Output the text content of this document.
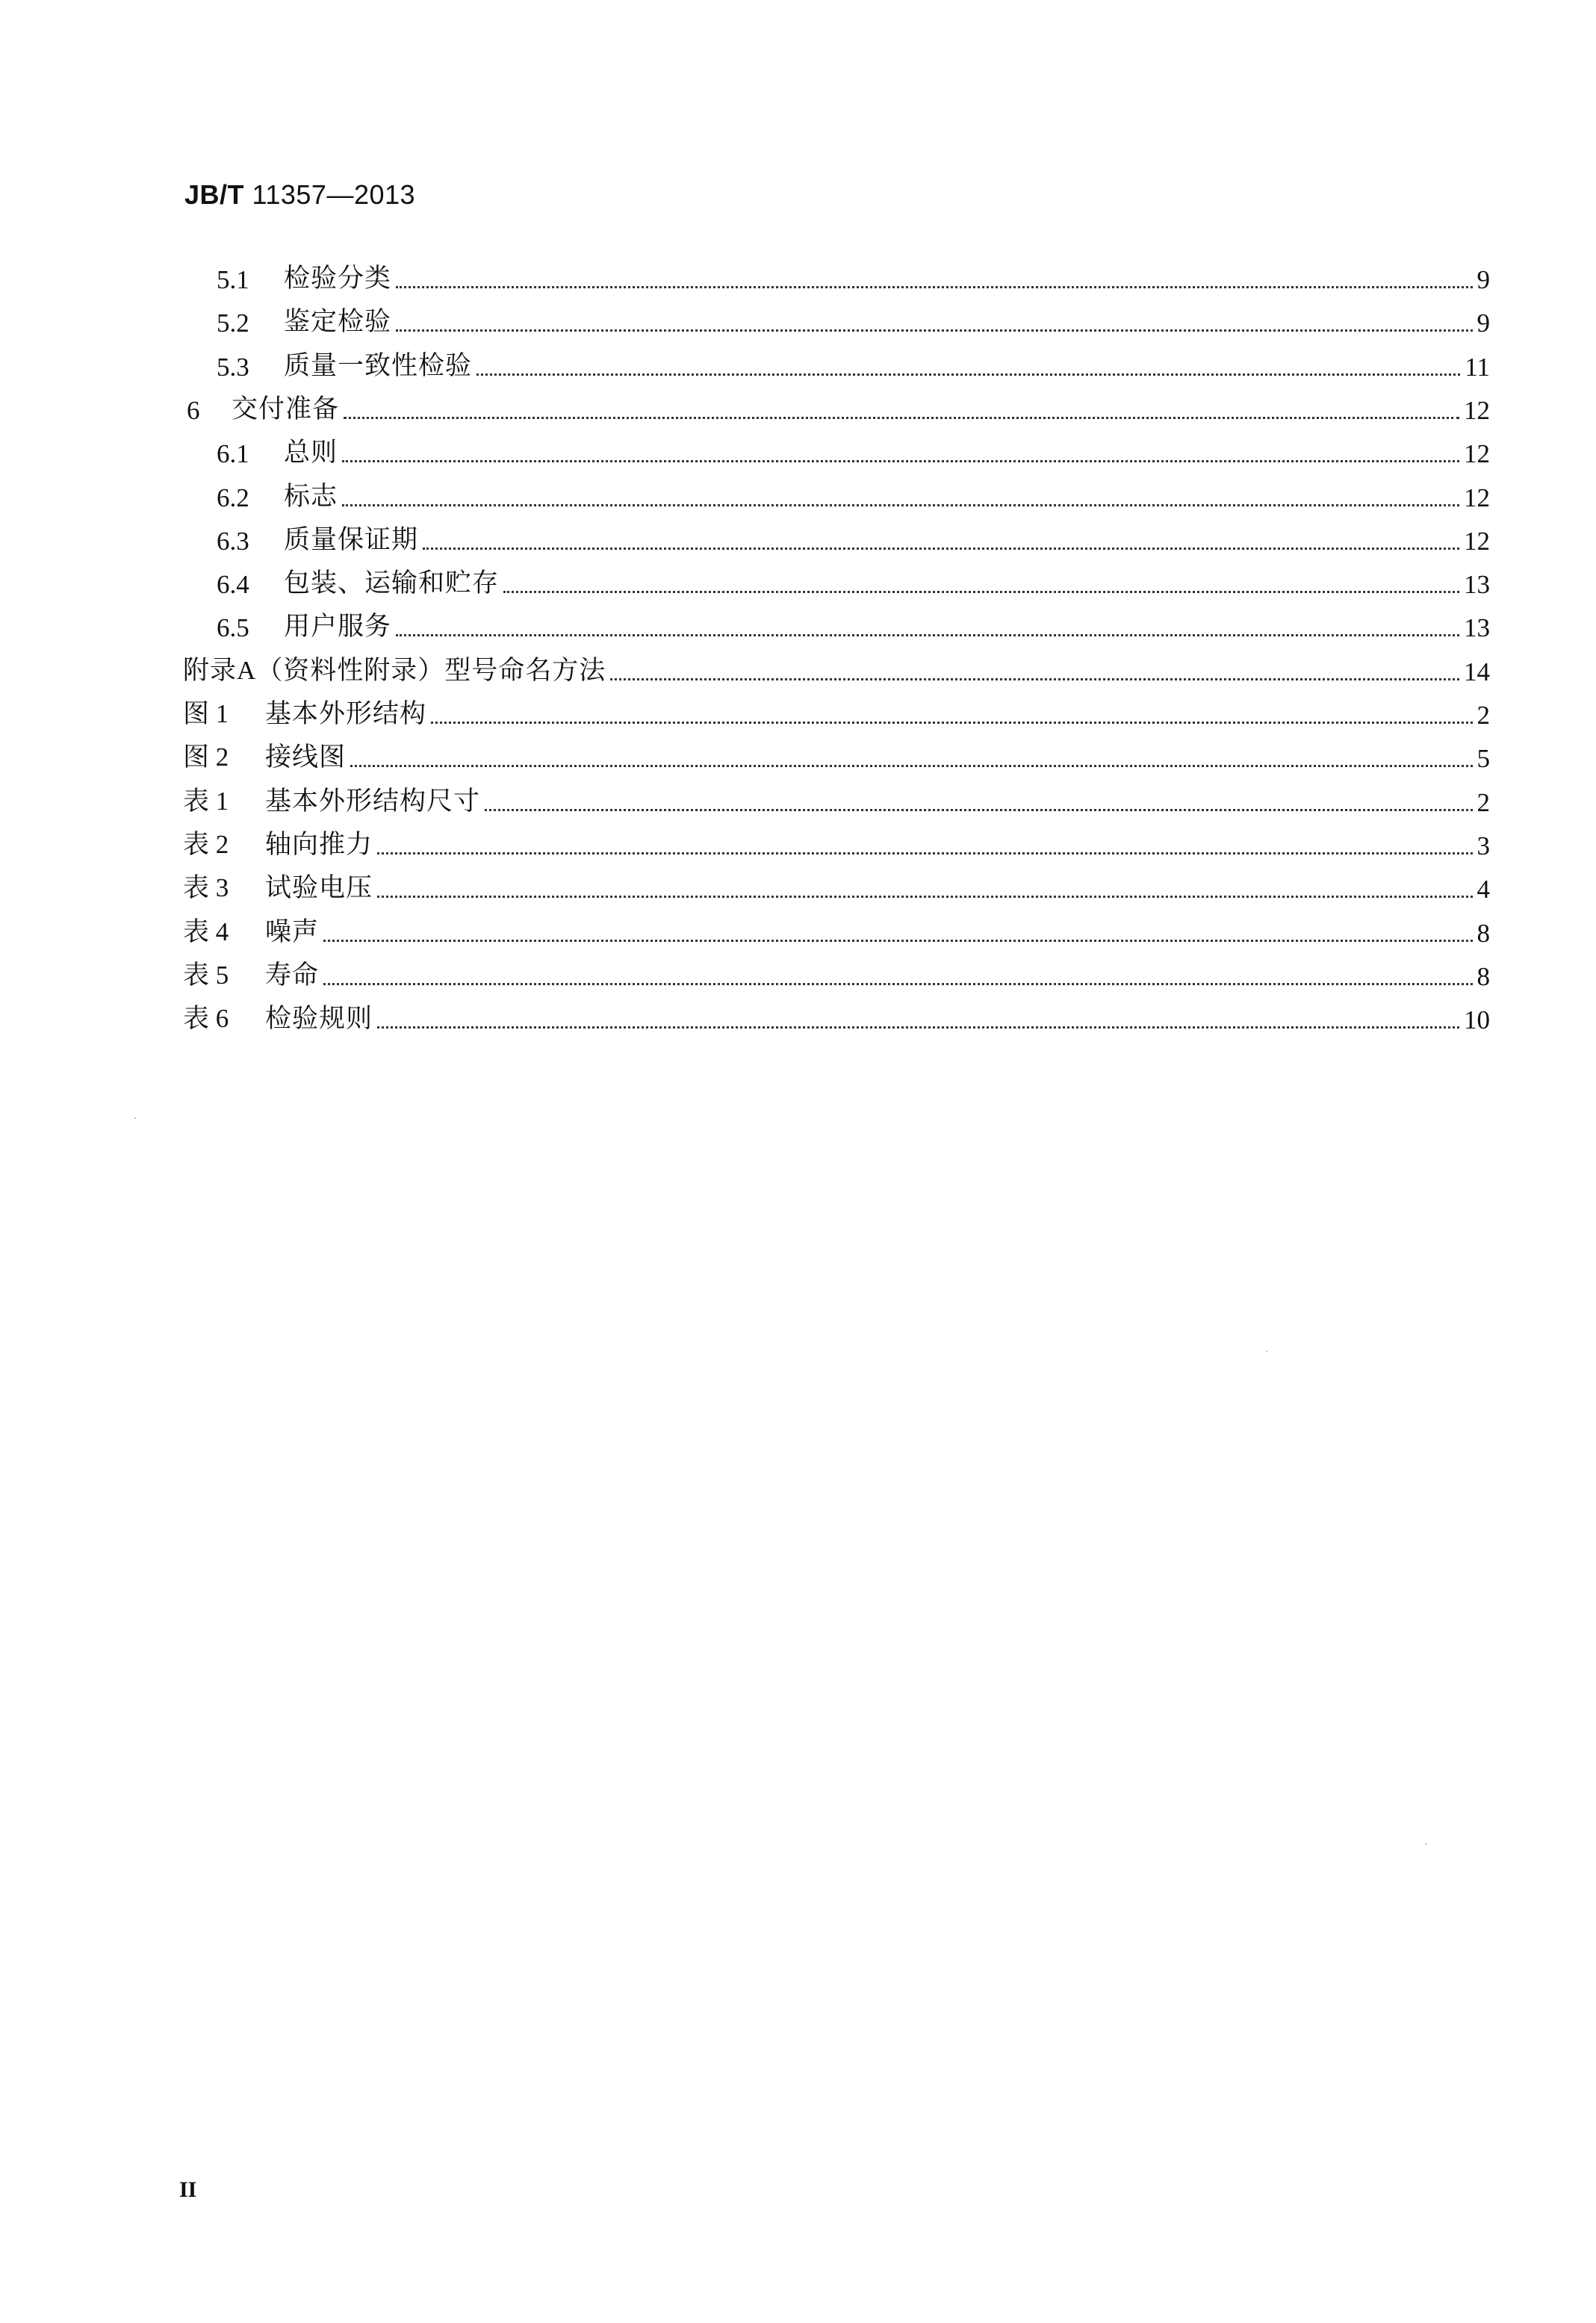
JB/T 11357—2013
5.1	检验分类	9
5.2	鉴定检验	9
5.3	质量一致性检验	11
6	交付准备	12
6.1	总则	12
6.2	标志	12
6.3	质量保证期	12
6.4	包装、运输和贮存	13
6.5	用户服务	13
附录A（资料性附录）型号命名方法	14
图 1	基本外形结构	2
图 2	接线图	5
表 1	基本外形结构尺寸	2
表 2	轴向推力	3
表 3	试验电压	4
表 4	噪声	8
表 5	寿命	8
表 6	检验规则	10
II
